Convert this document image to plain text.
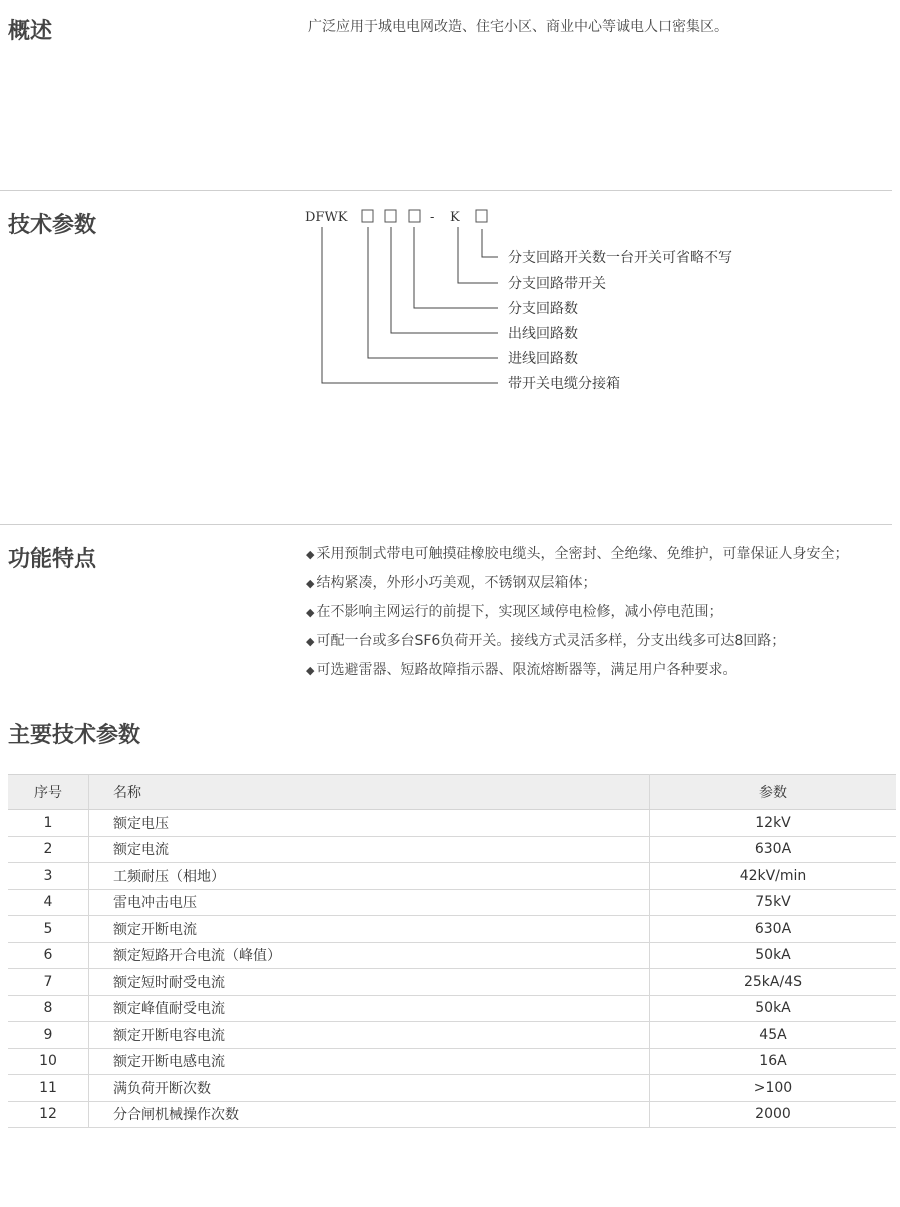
概述	广泛应用于城电电网改造、住宅小区、商业中心等诚电人口密集区。
技术参数	DFWK	- K
分支回路开关数一台开关可省略不写
分支回路带开关
分支回路数
出线回路数
进线回路数
带开关电缆分接箱
功能特点	◆ 采用预制式带电可触摸硅橡胶电缆头，全密封、全绝缘、免维护，可靠保证人身安全；

◆ 结构紧凑，外形小巧美观，不锈钢双层箱体；

◆ 在不影响主网运行的前提下，实现区域停电检修，减小停电范围；

◆ 可配一台或多台SF6负荷开关。接线方式灵活多样，分支出线多可达8回路；

◆ 可选避雷器、短路故障指示器、限流熔断器等，满足用户各种要求。

主要技术参数
序号	名称	参数
1	额定电压	12kV
2	额定电流	630A
3	工频耐压（相地）	42kV/min
4	雷电冲击电压	75kV
5	额定开断电流	630A
6	额定短路开合电流（峰值）	50kA
7	额定短时耐受电流	25kA/4S
8	额定峰值耐受电流	50kA
9	额定开断电容电流	45A
10	额定开断电感电流	16A
11	满负荷开断次数	>100
12	分合闸机械操作次数	2000
